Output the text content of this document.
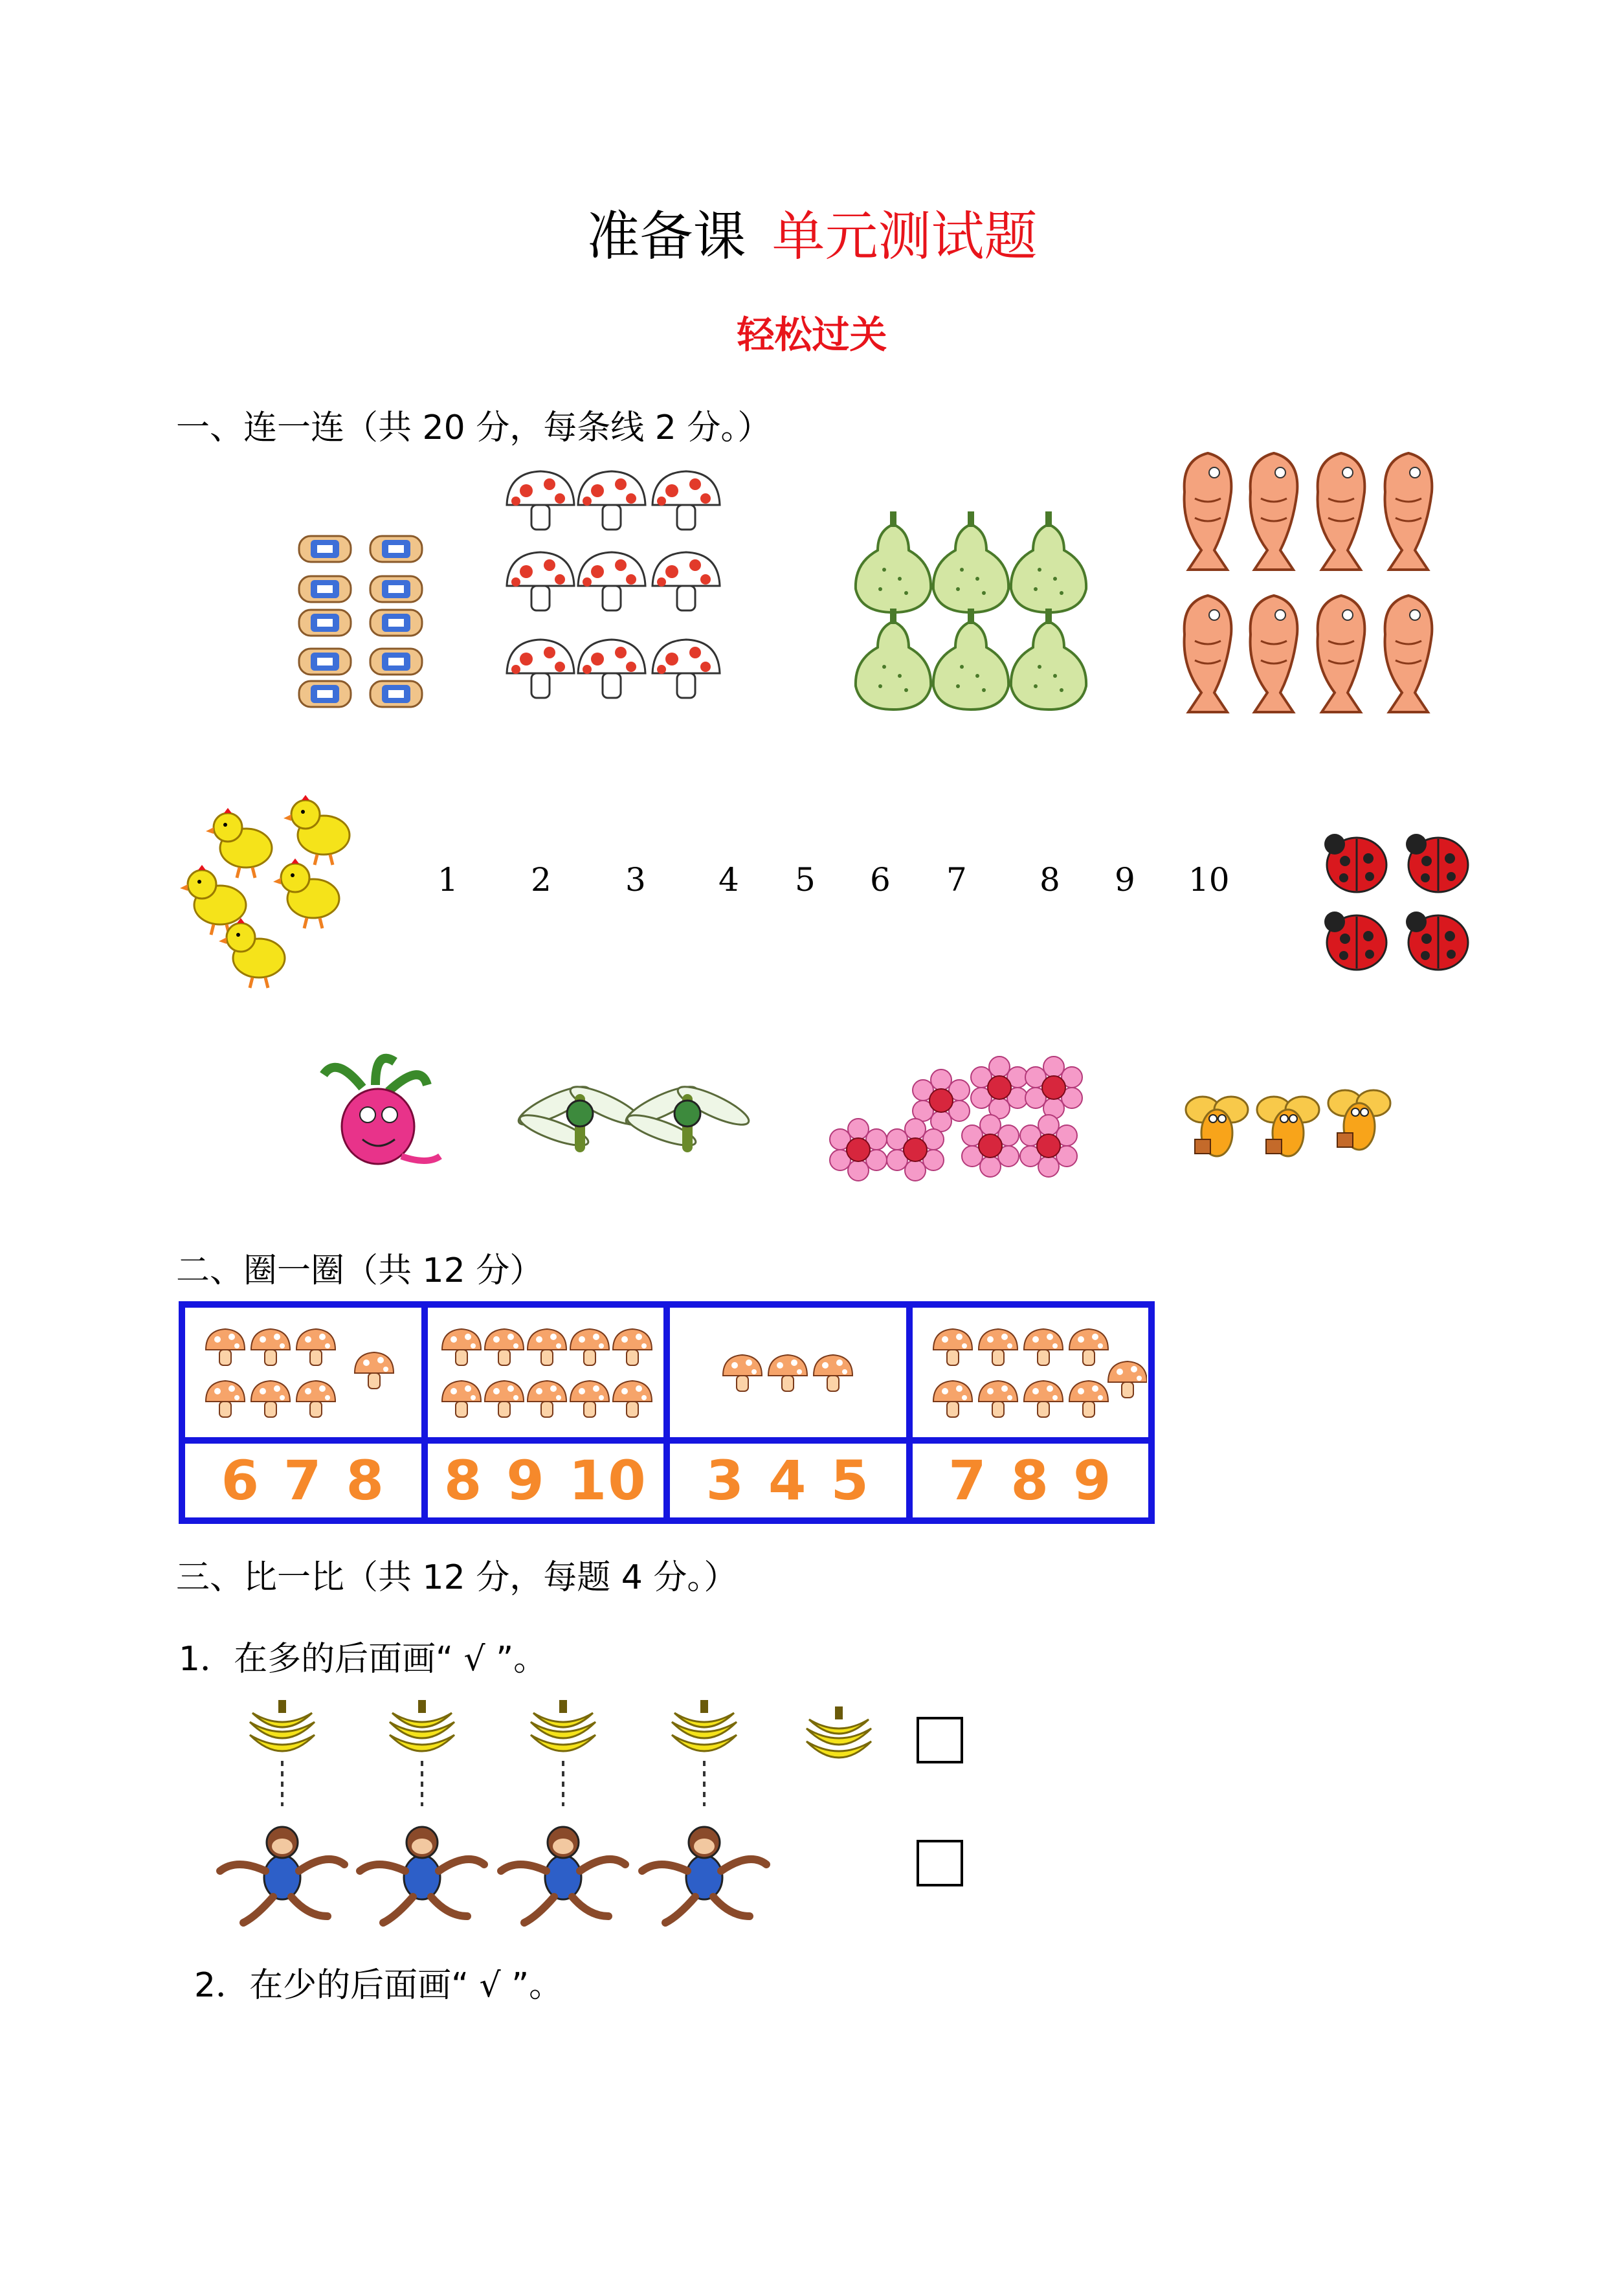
准备课 单元测试题
轻松过关
一、连一连（共 20 分，每条线 2 分。）
1 2 3 4 5 6 7 8 9 10
二、圈一圈（共 12 分）
6 7 8 8 9 10 3 4 5 7 8 9
三、比一比（共 12 分，每题 4 分。）
1．在多的后面画“ √ ”。
2．在少的后面画“ √ ”。
